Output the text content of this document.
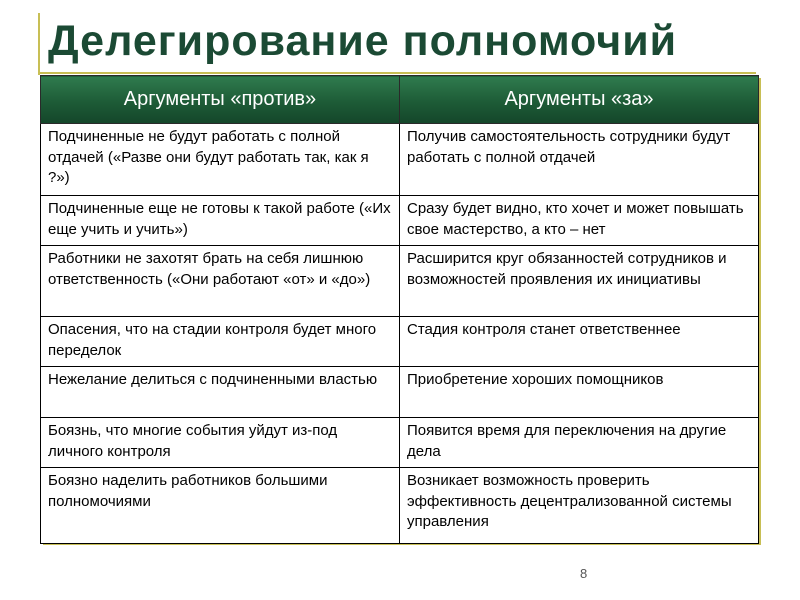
Делегирование полномочий
Аргументы «против»	Аргументы «за»
Подчиненные не будут работать с полной отдачей («Разве они будут работать так, как я ?»)	Получив самостоятельность сотрудники будут работать с полной отдачей
Подчиненные еще не готовы к такой работе («Их еще учить и учить»)	Сразу будет видно, кто хочет и может повышать свое мастерство, а кто – нет
Работники не захотят брать на себя лишнюю ответственность («Они работают «от» и «до»)	Расширится круг обязанностей сотрудников и возможностей проявления их инициативы
Опасения, что на стадии контроля будет много переделок	Стадия контроля станет ответственнее
Нежелание делиться с подчиненными властью	Приобретение хороших помощников
Боязнь, что многие события уйдут из-под личного контроля	Появится время для переключения на другие дела
Боязно наделить работников большими полномочиями	Возникает возможность проверить эффективность децентрализованной системы управления
8
